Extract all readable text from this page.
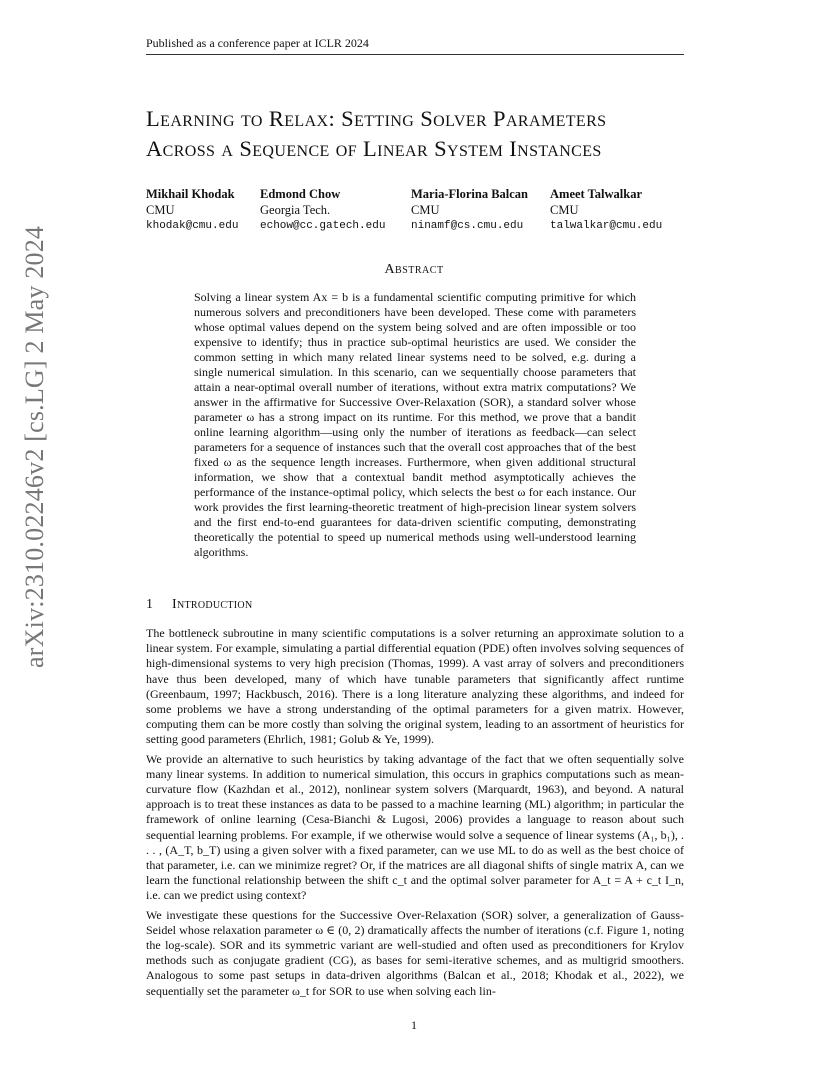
Published as a conference paper at ICLR 2024
arXiv:2310.02246v2 [cs.LG] 2 May 2024
Learning to Relax: Setting Solver Parameters
Across a Sequence of Linear System Instances
Mikhail Khodak
CMU
khodak@cmu.edu
Edmond Chow
Georgia Tech.
echow@cc.gatech.edu
Maria-Florina Balcan
CMU
ninamf@cs.cmu.edu
Ameet Talwalkar
CMU
talwalkar@cmu.edu
Abstract
Solving a linear system Ax = b is a fundamental scientific computing primitive for which numerous solvers and preconditioners have been developed. These come with parameters whose optimal values depend on the system being solved and are often impossible or too expensive to identify; thus in practice sub-optimal heuristics are used. We consider the common setting in which many related linear systems need to be solved, e.g. during a single numerical simulation. In this scenario, can we sequentially choose parameters that attain a near-optimal overall number of iterations, without extra matrix computations? We answer in the affirmative for Successive Over-Relaxation (SOR), a standard solver whose parameter ω has a strong impact on its runtime. For this method, we prove that a bandit online learning algorithm—using only the number of iterations as feedback—can select parameters for a sequence of instances such that the overall cost approaches that of the best fixed ω as the sequence length increases. Furthermore, when given additional structural information, we show that a contextual bandit method asymptotically achieves the performance of the instance-optimal policy, which selects the best ω for each instance. Our work provides the first learning-theoretic treatment of high-precision linear system solvers and the first end-to-end guarantees for data-driven scientific computing, demonstrating theoretically the potential to speed up numerical methods using well-understood learning algorithms.
1 Introduction

The bottleneck subroutine in many scientific computations is a solver returning an approximate solution to a linear system. For example, simulating a partial differential equation (PDE) often involves solving sequences of high-dimensional systems to very high precision (Thomas, 1999). A vast array of solvers and preconditioners have thus been developed, many of which have tunable parameters that significantly affect runtime (Greenbaum, 1997; Hackbusch, 2016). There is a long literature analyzing these algorithms, and indeed for some problems we have a strong understanding of the optimal parameters for a given matrix. However, computing them can be more costly than solving the original system, leading to an assortment of heuristics for setting good parameters (Ehrlich, 1981; Golub & Ye, 1999).

We provide an alternative to such heuristics by taking advantage of the fact that we often sequentially solve many linear systems. In addition to numerical simulation, this occurs in graphics computations such as mean-curvature flow (Kazhdan et al., 2012), nonlinear system solvers (Marquardt, 1963), and beyond. A natural approach is to treat these instances as data to be passed to a machine learning (ML) algorithm; in particular the framework of online learning (Cesa-Bianchi & Lugosi, 2006) provides a language to reason about such sequential learning problems. For example, if we otherwise would solve a sequence of linear systems (A₁, b₁), . . . , (A_T, b_T) using a given solver with a fixed parameter, can we use ML to do as well as the best choice of that parameter, i.e. can we minimize regret? Or, if the matrices are all diagonal shifts of single matrix A, can we learn the functional relationship between the shift c_t and the optimal solver parameter for A_t = A + c_t I_n, i.e. can we predict using context?

We investigate these questions for the Successive Over-Relaxation (SOR) solver, a generalization of Gauss-Seidel whose relaxation parameter ω ∈ (0, 2) dramatically affects the number of iterations (c.f. Figure 1, noting the log-scale). SOR and its symmetric variant are well-studied and often used as preconditioners for Krylov methods such as conjugate gradient (CG), as bases for semi-iterative schemes, and as multigrid smoothers. Analogous to some past setups in data-driven algorithms (Balcan et al., 2018; Khodak et al., 2022), we sequentially set the parameter ω_t for SOR to use when solving each lin-

1
